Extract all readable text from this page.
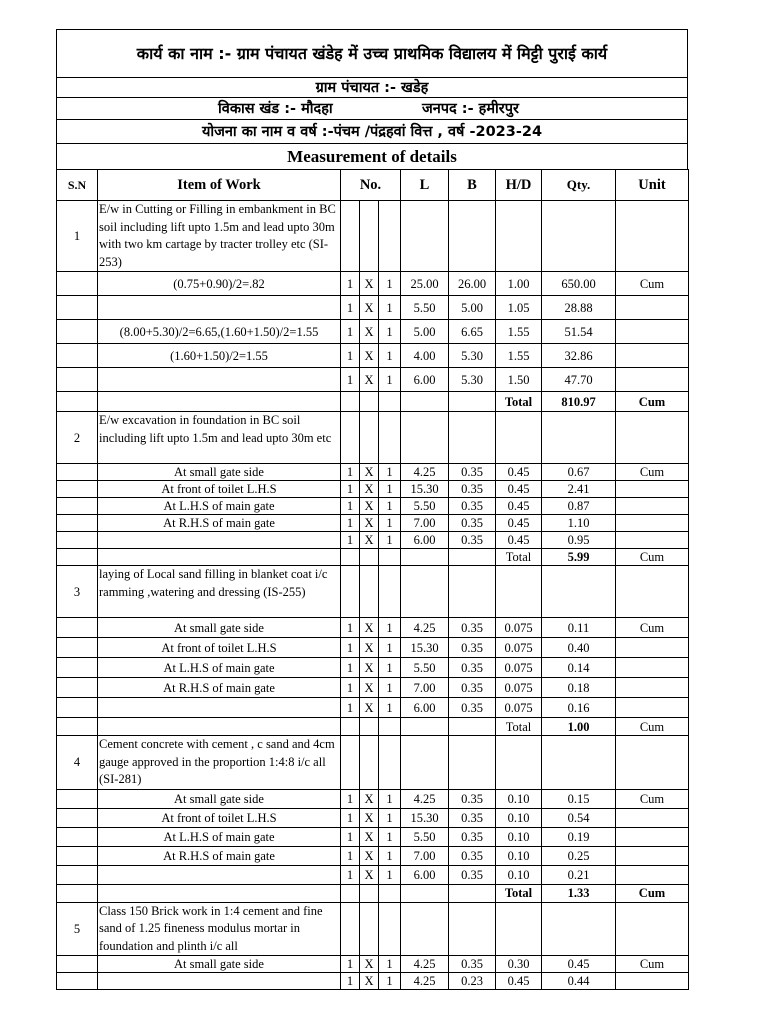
कार्य का नाम :- ग्राम पंचायत खंडेह में उच्च प्राथमिक विद्यालय में मिट्टी पुराई कार्य
ग्राम पंचायत :- खडेह
विकास खंड :- मौदहा	जनपद :- हमीरपुर
योजना का नाम व वर्ष :-पंचम /पंद्रहवां वित्त , वर्ष -2023-24
Measurement of details
S.N	Item of Work	No.			L	B	H/D	Qty.	Unit
1	E/w in Cutting or Filling in embankment in BC soil including lift upto 1.5m and lead upto 30m with two km cartage by tracter trolley etc (SI-253)								
	(0.75+0.90)/2=.82	1	X	1	25.00	26.00	1.00	650.00	Cum
		1	X	1	5.50	5.00	1.05	28.88	
	(8.00+5.30)/2=6.65,(1.60+1.50)/2=1.55	1	X	1	5.00	6.65	1.55	51.54	
	(1.60+1.50)/2=1.55	1	X	1	4.00	5.30	1.55	32.86	
		1	X	1	6.00	5.30	1.50	47.70	
							Total	810.97	Cum
2	E/w excavation in foundation in BC soil including lift upto 1.5m and lead upto 30m etc								
	At small gate side	1	X	1	4.25	0.35	0.45	0.67	Cum
	At front of toilet L.H.S	1	X	1	15.30	0.35	0.45	2.41	
	At L.H.S of main gate	1	X	1	5.50	0.35	0.45	0.87	
	At R.H.S of main gate	1	X	1	7.00	0.35	0.45	1.10	
		1	X	1	6.00	0.35	0.45	0.95	
							Total	5.99	Cum
3	laying of Local sand filling in blanket coat i/c ramming ,watering and dressing (IS-255)								
	At small gate side	1	X	1	4.25	0.35	0.075	0.11	Cum
	At front of toilet L.H.S	1	X	1	15.30	0.35	0.075	0.40	
	At L.H.S of main gate	1	X	1	5.50	0.35	0.075	0.14	
	At R.H.S of main gate	1	X	1	7.00	0.35	0.075	0.18	
		1	X	1	6.00	0.35	0.075	0.16	
							Total	1.00	Cum
4	Cement concrete with cement , c sand and 4cm gauge approved in the proportion 1:4:8 i/c all (SI-281)								
	At small gate side	1	X	1	4.25	0.35	0.10	0.15	Cum
	At front of toilet L.H.S	1	X	1	15.30	0.35	0.10	0.54	
	At L.H.S of main gate	1	X	1	5.50	0.35	0.10	0.19	
	At R.H.S of main gate	1	X	1	7.00	0.35	0.10	0.25	
		1	X	1	6.00	0.35	0.10	0.21	
							Total	1.33	Cum
5	Class 150 Brick work in 1:4 cement and fine sand of 1.25 fineness modulus mortar in foundation and plinth i/c all								
	At small gate side	1	X	1	4.25	0.35	0.30	0.45	Cum
		1	X	1	4.25	0.23	0.45	0.44	
